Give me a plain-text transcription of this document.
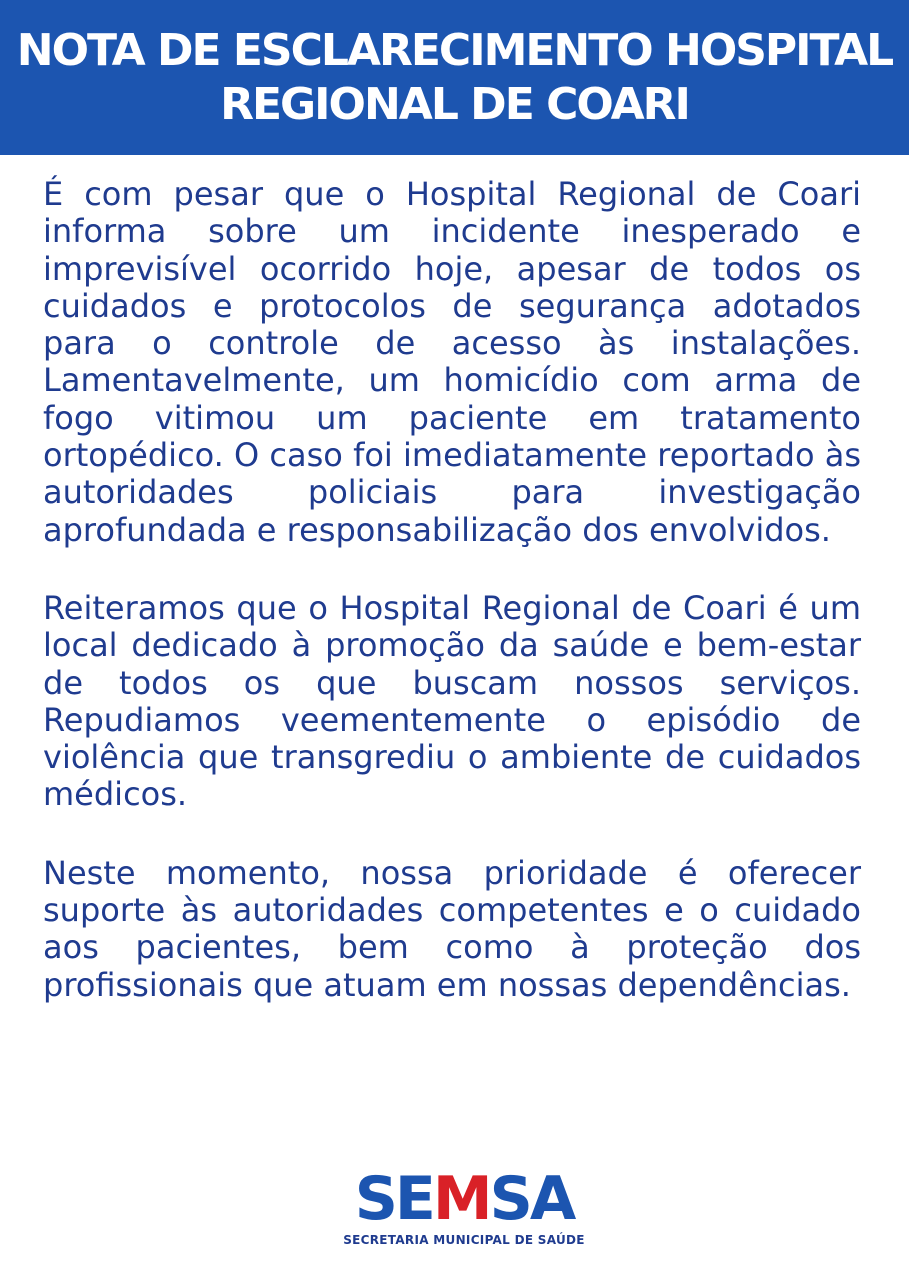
NOTA DE ESCLARECIMENTO HOSPITAL
REGIONAL DE COARI

É com pesar que o Hospital Regional de Coari informa sobre um incidente inesperado e imprevisível ocorrido hoje, apesar de todos os cuidados e protocolos de segurança adotados para o controle de acesso às instalações. Lamentavelmente, um homicídio com arma de fogo vitimou um paciente em tratamento ortopédico. O caso foi imediatamente reportado às autoridades policiais para investigação aprofundada e responsabilização dos envolvidos.

Reiteramos que o Hospital Regional de Coari é um local dedicado à promoção da saúde e bem-estar de todos os que buscam nossos serviços. Repudiamos veementemente o episódio de violência que transgrediu o ambiente de cuidados médicos.

Neste momento, nossa prioridade é oferecer suporte às autoridades competentes e o cuidado aos pacientes, bem como à proteção dos profissionais que atuam em nossas dependências.

SE M SA
SECRETARIA MUNICIPAL DE SAÚDE
